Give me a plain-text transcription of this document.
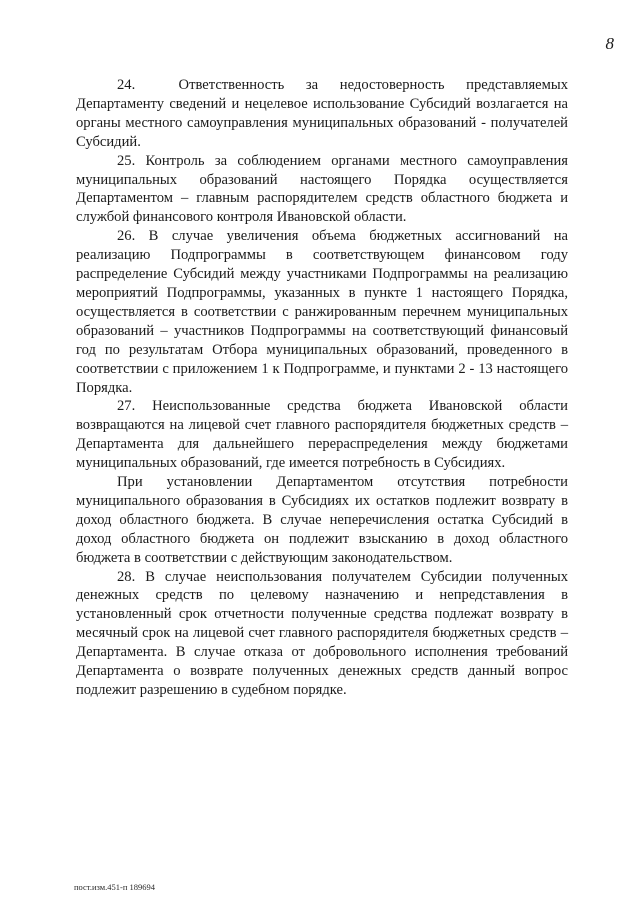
8

24.  Ответственность за недостоверность представляемых Департаменту сведений и нецелевое использование Субсидий возлагается на органы местного самоуправления муниципальных образований - получателей Субсидий.

25. Контроль за соблюдением органами местного самоуправления муниципальных образований настоящего Порядка осуществляется Департаментом – главным распорядителем средств областного бюджета и службой финансового контроля Ивановской области.

26. В случае увеличения объема бюджетных ассигнований на реализацию Подпрограммы в соответствующем финансовом году распределение Субсидий между участниками Подпрограммы на реализацию мероприятий Подпрограммы, указанных в пункте 1 настоящего Порядка, осуществляется в соответствии с ранжированным перечнем муниципальных образований – участников Подпрограммы на соответствующий финансовый год по результатам Отбора муниципальных образований, проведенного в соответствии с приложением 1 к Подпрограмме, и пунктами 2 - 13 настоящего Порядка.

27. Неиспользованные средства бюджета Ивановской области возвращаются на лицевой счет главного распорядителя бюджетных средств – Департамента для дальнейшего перераспределения между бюджетами муниципальных образований, где имеется потребность в Субсидиях.

При установлении Департаментом отсутствия потребности муниципального образования в Субсидиях их остатков подлежит возврату в доход областного бюджета. В случае неперечисления остатка Субсидий в доход областного бюджета он подлежит взысканию в доход областного бюджета в соответствии с действующим законодательством.

28. В случае неиспользования получателем Субсидии полученных денежных средств по целевому назначению и непредставления в установленный срок отчетности полученные средства подлежат возврату в месячный срок на лицевой счет главного распорядителя бюджетных средств – Департамента. В случае отказа от добровольного исполнения требований Департамента о возврате полученных денежных средств данный вопрос подлежит разрешению в судебном порядке.

пост.изм.451-п 189694
